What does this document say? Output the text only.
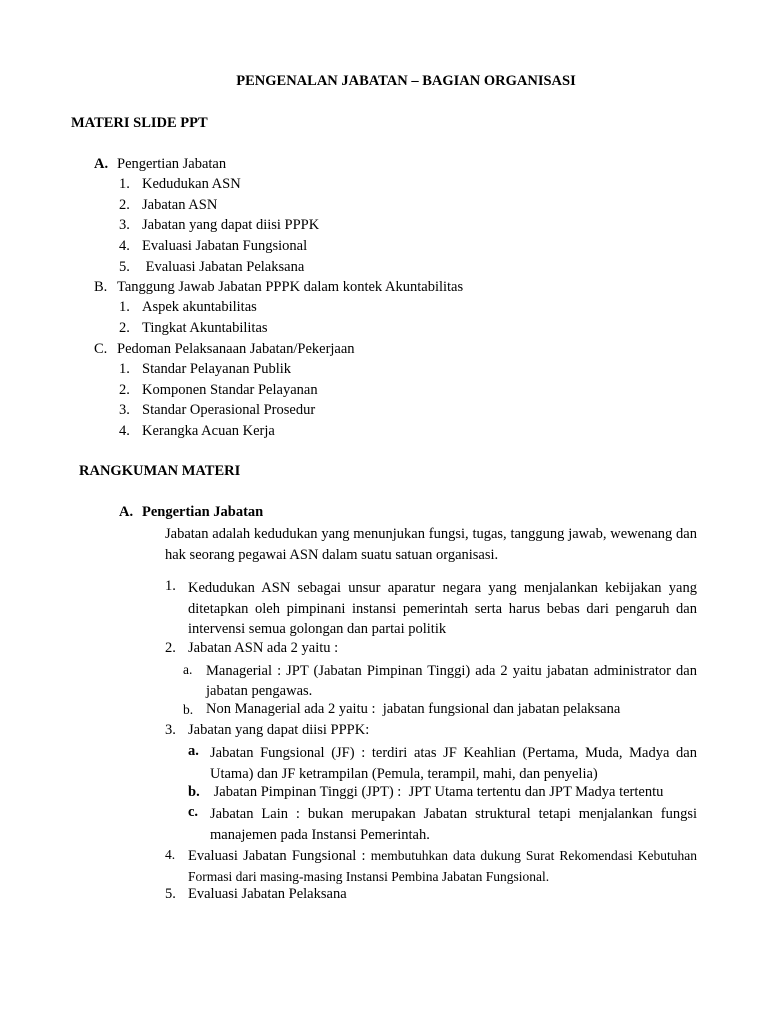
PENGENALAN JABATAN – BAGIAN ORGANISASI
MATERI SLIDE PPT
A. Pengertian Jabatan
1. Kedudukan ASN
2. Jabatan ASN
3. Jabatan yang dapat diisi PPPK
4. Evaluasi Jabatan Fungsional
5. Evaluasi Jabatan Pelaksana
B. Tanggung Jawab Jabatan PPPK dalam kontek Akuntabilitas
1. Aspek akuntabilitas
2. Tingkat Akuntabilitas
C. Pedoman Pelaksanaan Jabatan/Pekerjaan
1. Standar Pelayanan Publik
2. Komponen Standar Pelayanan
3. Standar Operasional Prosedur
4. Kerangka Acuan Kerja
RANGKUMAN MATERI
A. Pengertian Jabatan
Jabatan adalah kedudukan yang menunjukan fungsi, tugas, tanggung jawab, wewenang dan hak seorang pegawai ASN dalam suatu satuan organisasi.
1. Kedudukan ASN sebagai unsur aparatur negara yang menjalankan kebijakan yang ditetapkan oleh pimpinani instansi pemerintah serta harus bebas dari pengaruh dan intervensi semua golongan dan partai politik
2. Jabatan ASN ada 2 yaitu :
a. Managerial : JPT (Jabatan Pimpinan Tinggi) ada 2 yaitu jabatan administrator dan jabatan pengawas.
b. Non Managerial ada 2 yaitu :  jabatan fungsional dan jabatan pelaksana
3. Jabatan yang dapat diisi PPPK:
a. Jabatan Fungsional (JF) : terdiri atas JF Keahlian (Pertama, Muda, Madya dan Utama) dan JF ketrampilan (Pemula, terampil, mahi, dan penyelia)
b. Jabatan Pimpinan Tinggi (JPT) :  JPT Utama tertentu dan JPT Madya tertentu
c. Jabatan Lain : bukan merupakan Jabatan struktural tetapi menjalankan fungsi manajemen pada Instansi Pemerintah.
4. Evaluasi Jabatan Fungsional : membutuhkan data dukung Surat Rekomendasi Kebutuhan Formasi dari masing-masing Instansi Pembina Jabatan Fungsional.
5. Evaluasi Jabatan Pelaksana
